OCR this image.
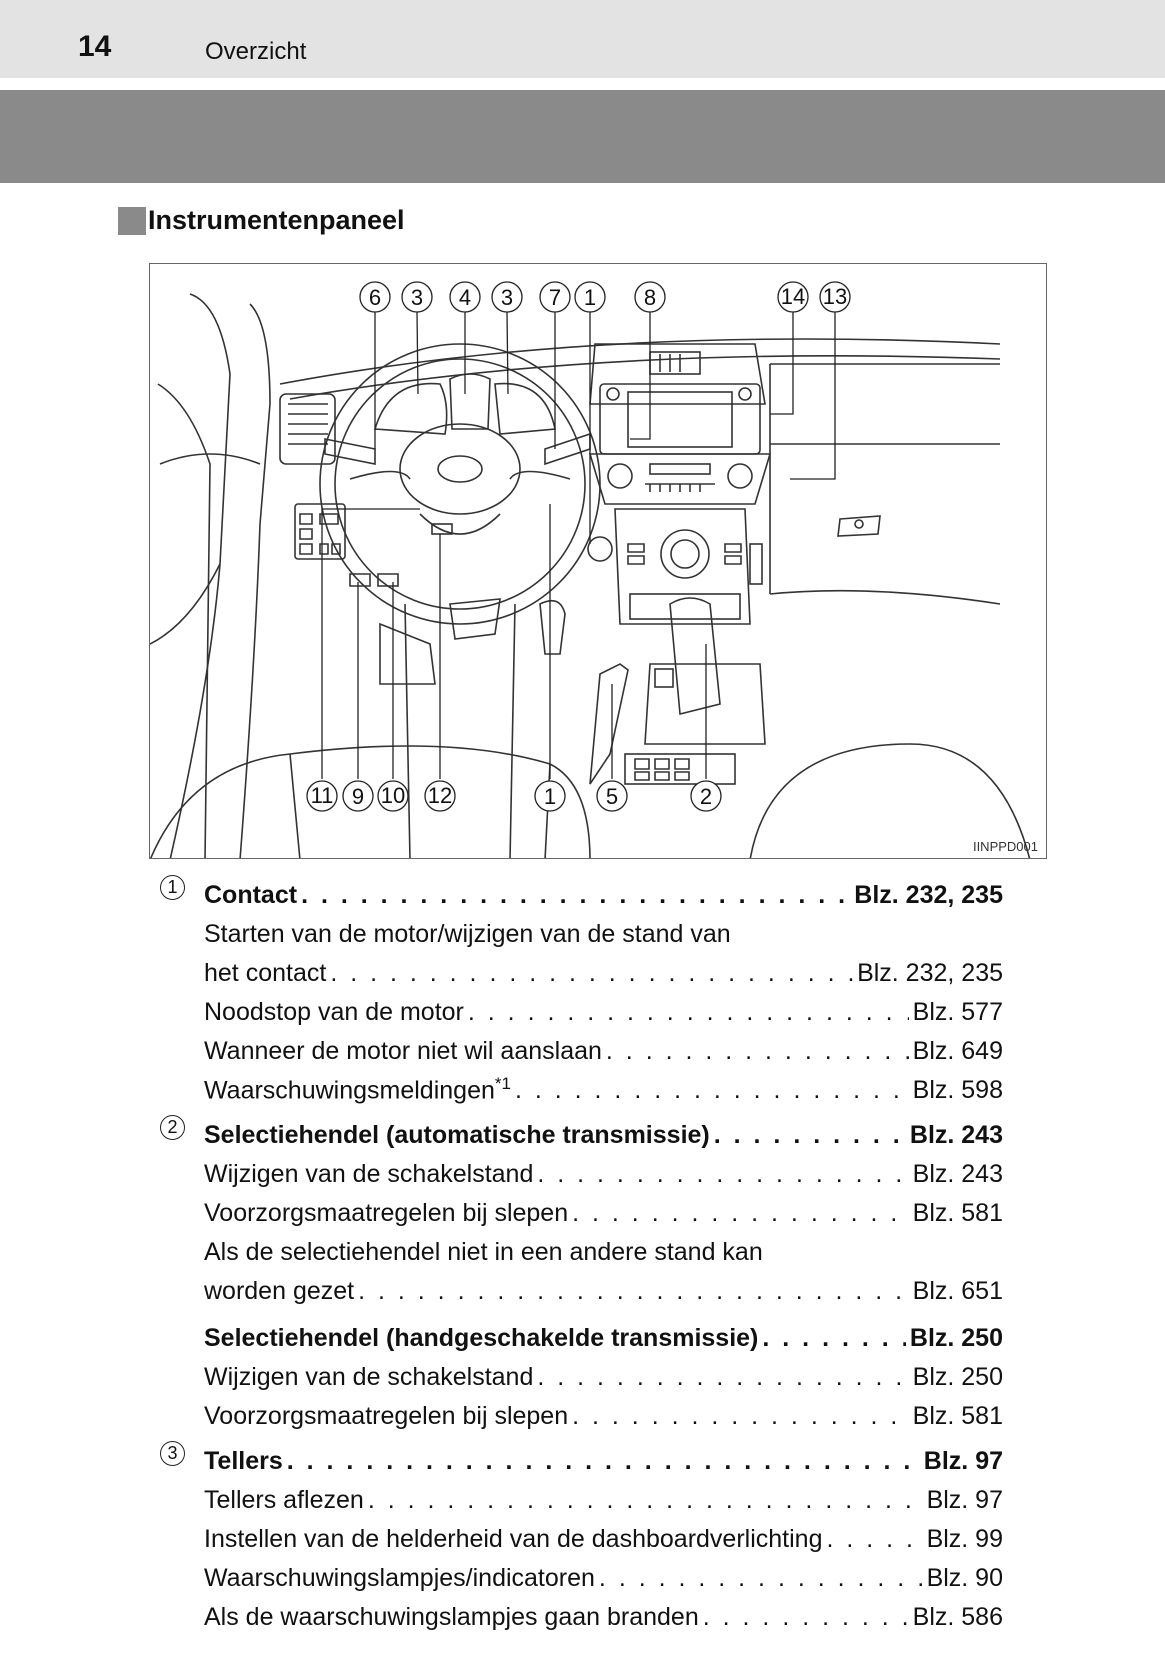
14	Overzicht
Instrumentenpaneel
6 3 4 3 7 1 8	14 13
11 9 10 12	1 5	2
IINPPD001
1	Contact . . .	Blz. 232, 235
Starten van de motor/wijzigen van de stand van
het contact . . .	Blz. 232, 235
Noodstop van de motor . . .	Blz. 577
Wanneer de motor niet wil aanslaan . . .	Blz. 649
Waarschuwingsmeldingen$^{*1}$ . . .	Blz. 598
2	Selectiehendel (automatische transmissie) . . .	Blz. 243
Wijzigen van de schakelstand . . .	Blz. 243
Voorzorgsmaatregelen bij slepen . . .	Blz. 581
Als de selectiehendel niet in een andere stand kan
worden gezet . . .	Blz. 651
Selectiehendel (handgeschakelde transmissie) . . .	Blz. 250
Wijzigen van de schakelstand . . .	Blz. 250
Voorzorgsmaatregelen bij slepen . . .	Blz. 581
3	Tellers . . .	Blz. 97
Tellers aflezen . . .	Blz. 97
Instellen van de helderheid van de dashboardverlichting . . .	Blz. 99
Waarschuwingslampjes/indicatoren . . .	Blz. 90
Als de waarschuwingslampjes gaan branden . . .	Blz. 586
